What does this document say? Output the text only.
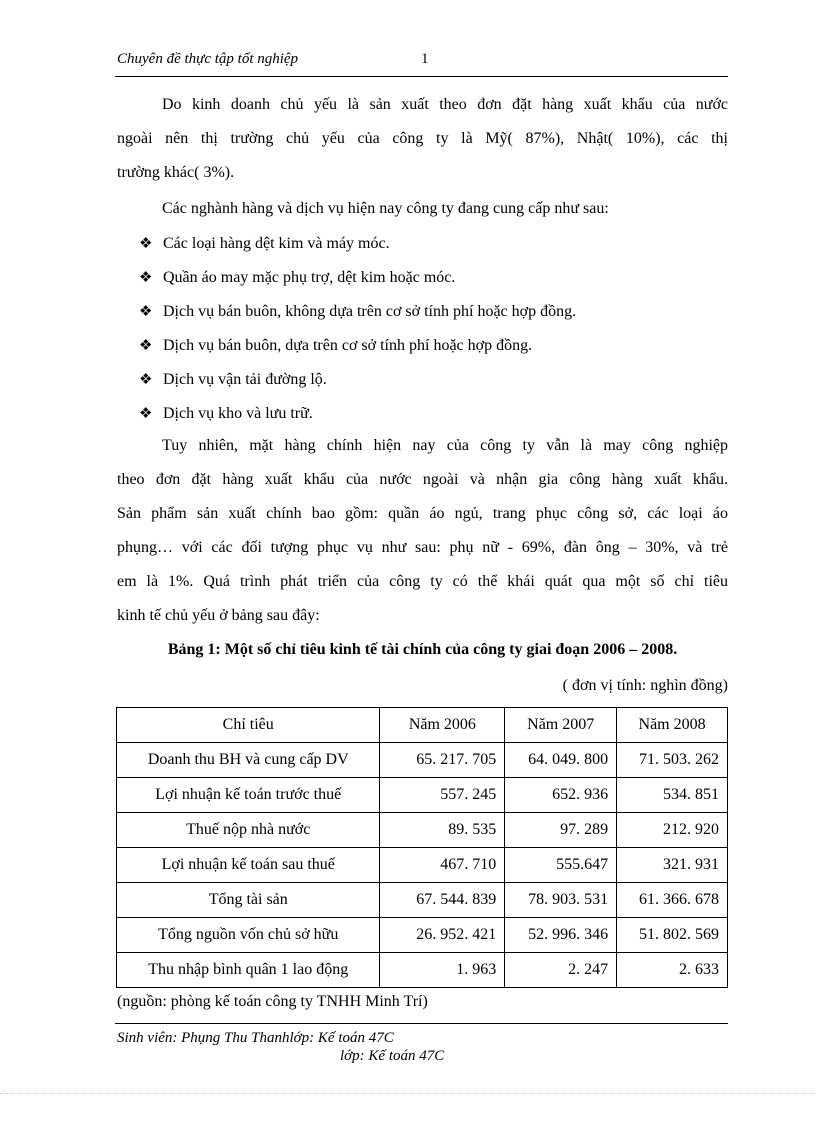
Chuyên đề thực tập tốt nghiệp	1
Do kinh doanh chủ yếu là sản xuất theo đơn đặt hàng xuất khẩu của nước
ngoài nên thị trường chủ yếu của công ty là Mỹ( 87%), Nhật( 10%), các thị
trường khác( 3%).
Các nghành hàng và dịch vụ hiện nay công ty đang cung cấp như sau:
❖ Các loại hàng dệt kim và máy móc.
❖ Quần áo may mặc phụ trợ, dệt kim hoặc móc.
❖ Dịch vụ bán buôn, không dựa trên cơ sở tính phí hoặc hợp đồng.
❖ Dịch vụ bán buôn, dựa trên cơ sở tính phí hoặc hợp đồng.
❖ Dịch vụ vận tải đường lộ.
❖ Dịch vụ kho và lưu trữ.
Tuy nhiên, mặt hàng chính hiện nay của công ty vẫn là may công nghiệp
theo đơn đặt hàng xuất khẩu của nước ngoài và nhận gia công hàng xuất khẩu.
Sản phẩm sản xuất chính bao gồm: quần áo ngủ, trang phục công sở, các loại áo
phụng… với các đối tượng phục vụ như sau: phụ nữ - 69%, đàn ông – 30%, và trẻ
em là 1%. Quá trình phát triển của công ty có thể khái quát qua một số chỉ tiêu
kinh tế chủ yếu ở bảng sau đây:
Bảng 1: Một số chỉ tiêu kinh tế tài chính của công ty giai đoạn 2006 – 2008.
( đơn vị tính: nghìn đồng)
Chỉ tiêu	Năm 2006	Năm 2007	Năm 2008
Doanh thu BH và cung cấp DV	65. 217. 705	64. 049. 800	71. 503. 262
Lợi nhuận kế toán trước thuế	557. 245	652. 936	534. 851
Thuế nộp nhà nước	89. 535	97. 289	212. 920
Lợi nhuận kế toán sau thuế	467. 710	555.647	321. 931
Tổng tài sản	67. 544. 839	78. 903. 531	61. 366. 678
Tổng nguồn vốn chủ sở hữu	26. 952. 421	52. 996. 346	51. 802. 569
Thu nhập bình quân 1 lao động	1. 963	2. 247	2. 633
(nguồn: phòng kế toán công ty TNHH Minh Trí)
Sinh viên: Phụng Thu Thanhlớp: Kế toán 47C
lớp: Kế toán 47C
